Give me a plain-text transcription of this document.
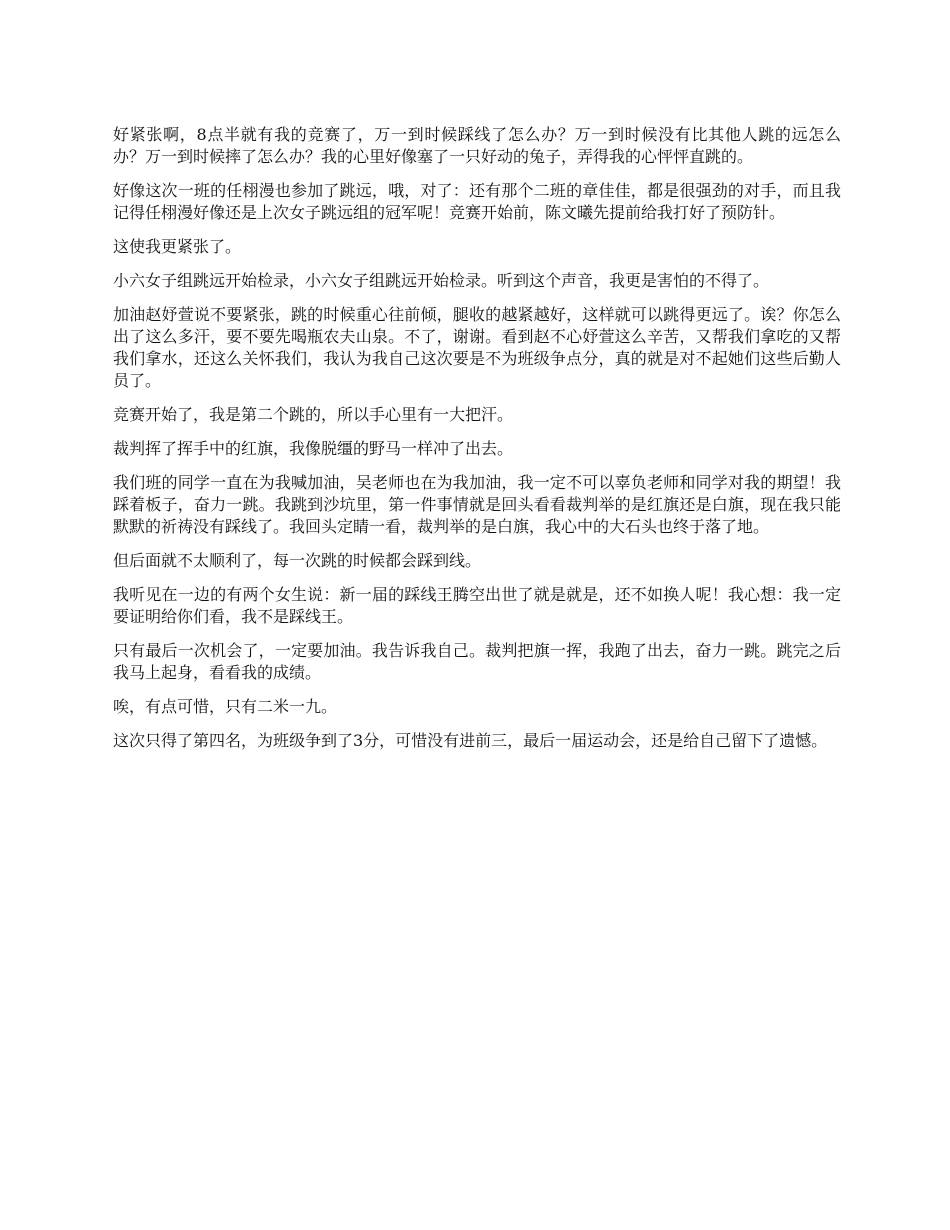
好紧张啊，8点半就有我的竞赛了，万一到时候踩线了怎么办？万一到时候没有比其他人跳的远怎么办？万一到时候摔了怎么办？我的心里好像塞了一只好动的兔子，弄得我的心怦怦直跳的。

好像这次一班的任栩漫也参加了跳远，哦，对了：还有那个二班的章佳佳，都是很强劲的对手，而且我记得任栩漫好像还是上次女子跳远组的冠军呢！竞赛开始前，陈文曦先提前给我打好了预防针。

这使我更紧张了。

小六女子组跳远开始检录，小六女子组跳远开始检录。听到这个声音，我更是害怕的不得了。

加油赵妤萱说不要紧张，跳的时候重心往前倾，腿收的越紧越好，这样就可以跳得更远了。诶？你怎么出了这么多汗，要不要先喝瓶农夫山泉。不了，谢谢。看到赵不心妤萱这么辛苦，又帮我们拿吃的又帮我们拿水，还这么关怀我们，我认为我自己这次要是不为班级争点分，真的就是对不起她们这些后勤人员了。

竞赛开始了，我是第二个跳的，所以手心里有一大把汗。

裁判挥了挥手中的红旗，我像脱缰的野马一样冲了出去。

我们班的同学一直在为我喊加油，吴老师也在为我加油，我一定不可以辜负老师和同学对我的期望！我踩着板子，奋力一跳。我跳到沙坑里，第一件事情就是回头看看裁判举的是红旗还是白旗，现在我只能默默的祈祷没有踩线了。我回头定睛一看，裁判举的是白旗，我心中的大石头也终于落了地。

但后面就不太顺利了，每一次跳的时候都会踩到线。

我听见在一边的有两个女生说：新一届的踩线王腾空出世了就是就是，还不如换人呢！我心想：我一定要证明给你们看，我不是踩线王。

只有最后一次机会了，一定要加油。我告诉我自己。裁判把旗一挥，我跑了出去，奋力一跳。跳完之后我马上起身，看看我的成绩。

唉，有点可惜，只有二米一九。

这次只得了第四名，为班级争到了3分，可惜没有进前三，最后一届运动会，还是给自己留下了遗憾。
